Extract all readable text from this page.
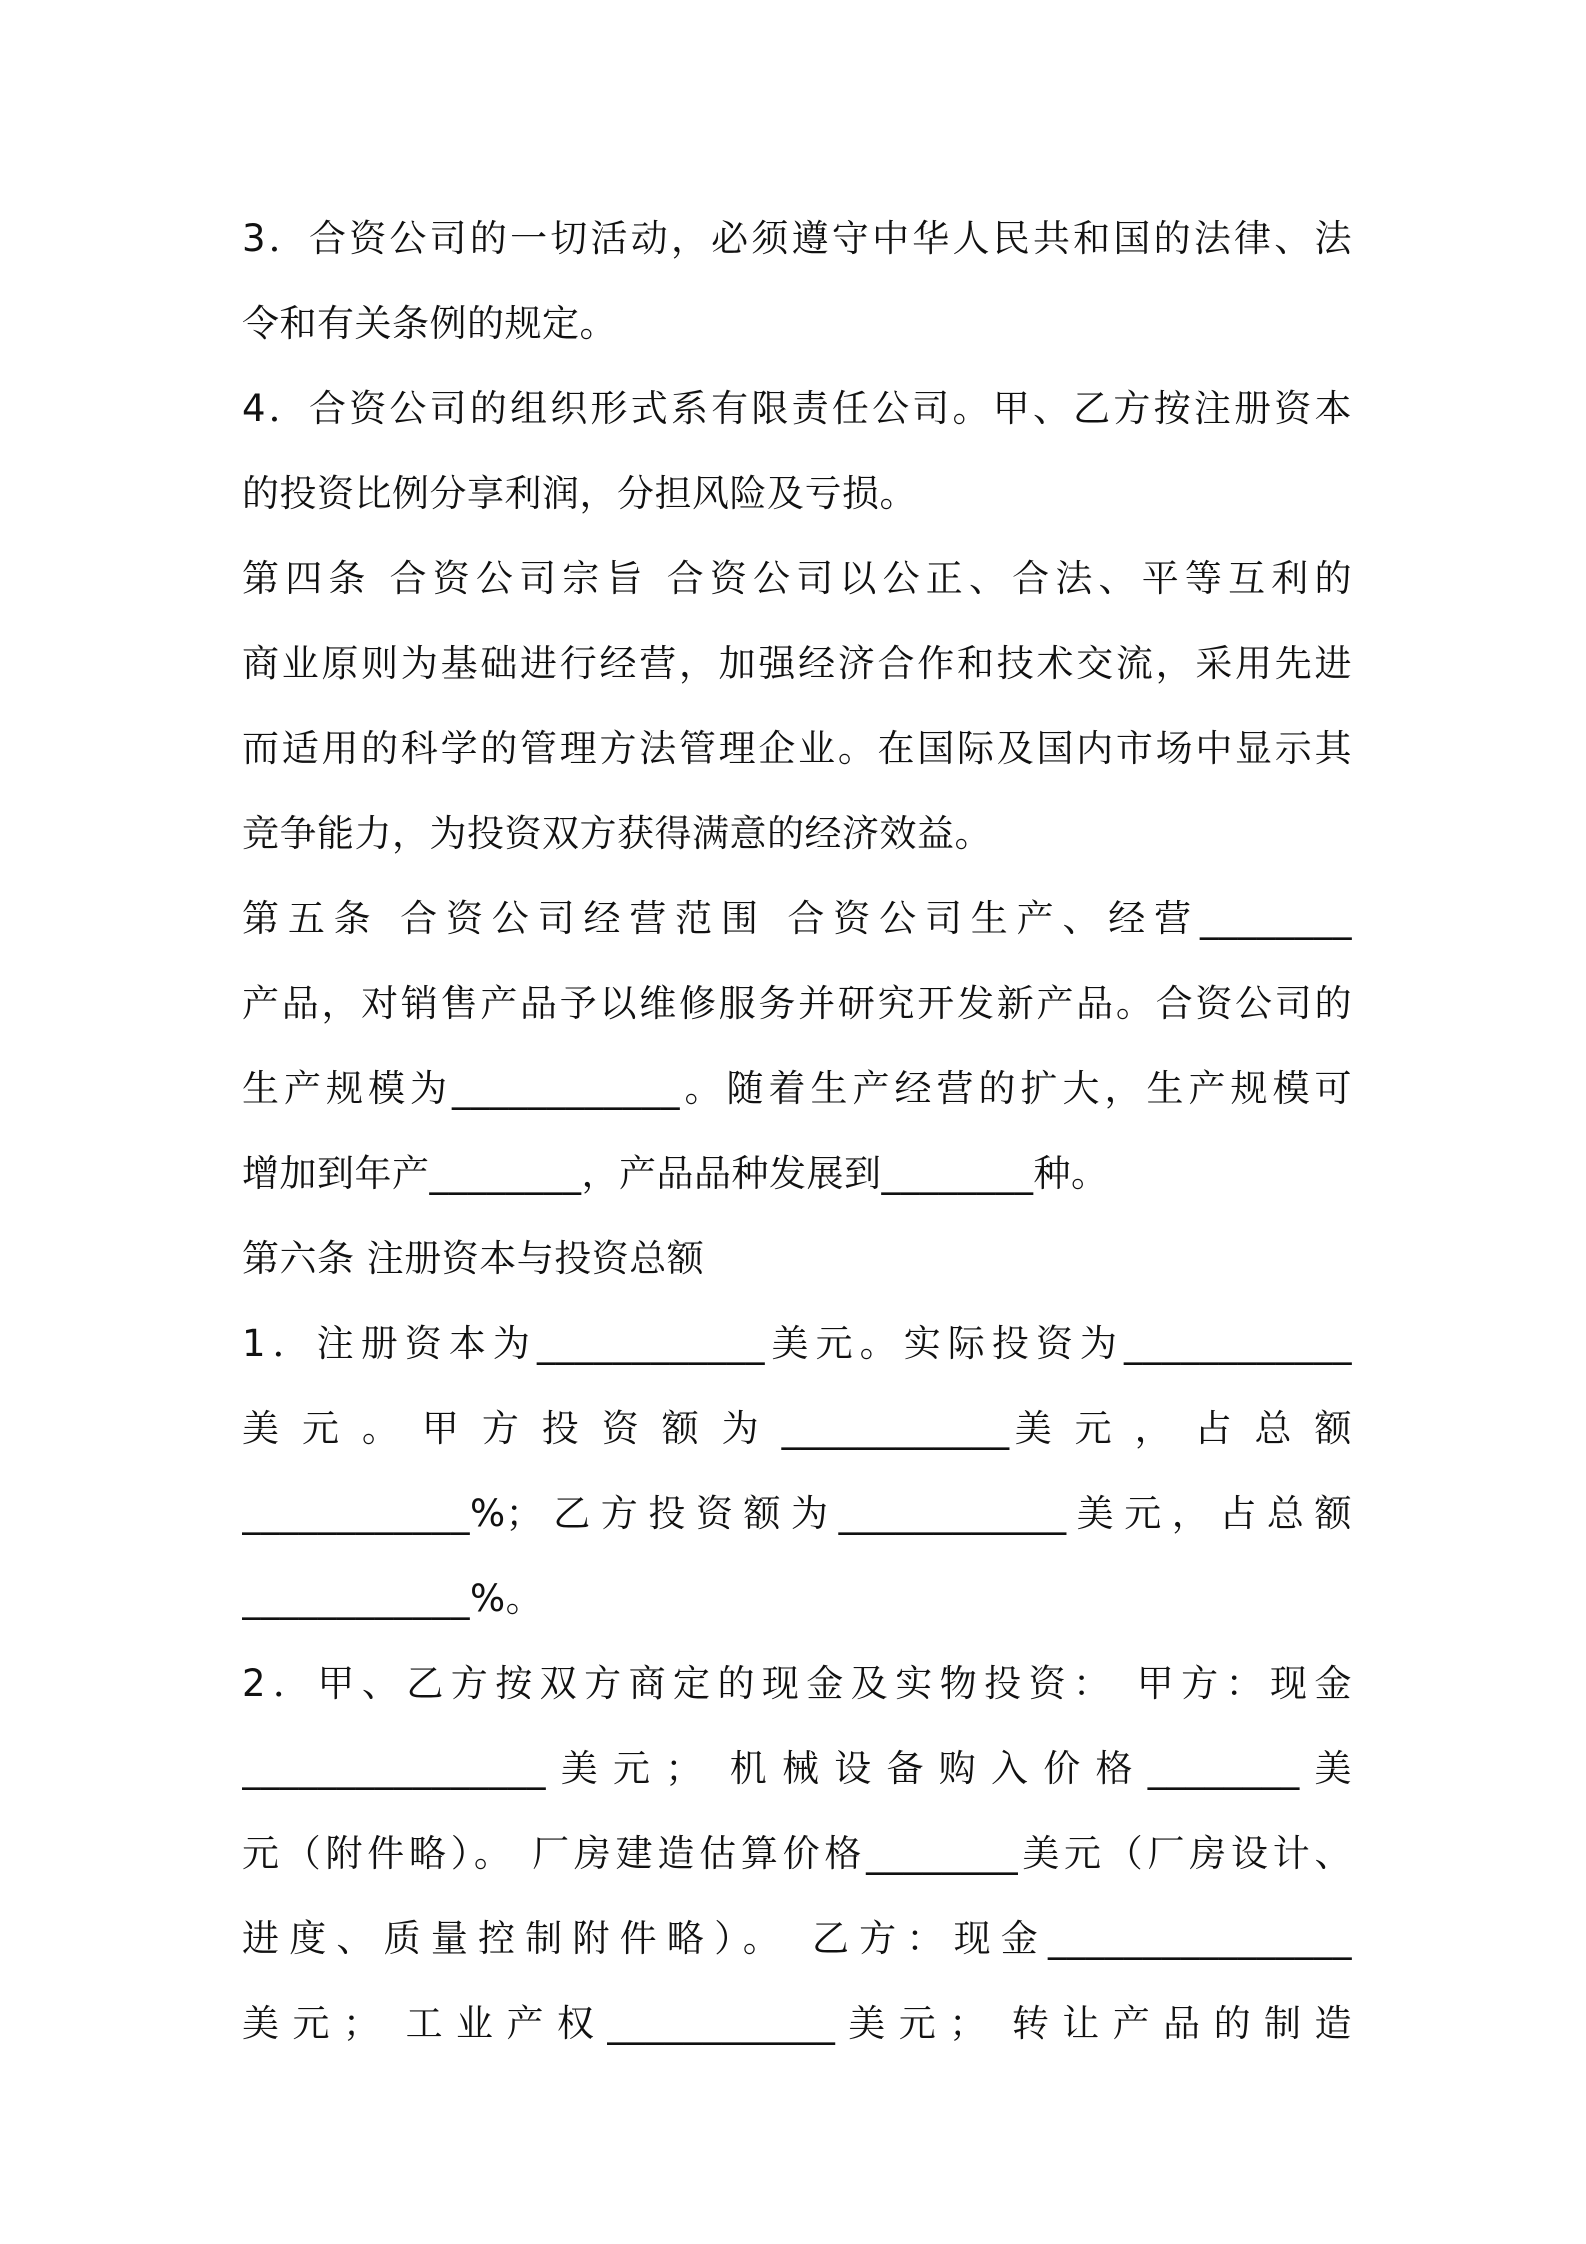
3．合资公司的一切活动，必须遵守中华人民共和国的法律、法
令和有关条例的规定。
4．合资公司的组织形式系有限责任公司。甲、乙方按注册资本
的投资比例分享利润，分担风险及亏损。
第四条 合资公司宗旨 合资公司以公正、合法、平等互利的
商业原则为基础进行经营，加强经济合作和技术交流，采用先进
而适用的科学的管理方法管理企业。在国际及国内市场中显示其
竞争能力，为投资双方获得满意的经济效益。
第五条 合资公司经营范围 合资公司生产、经营________
产品，对销售产品予以维修服务并研究开发新产品。合资公司的
生产规模为____________。随着生产经营的扩大，生产规模可
增加到年产________，产品品种发展到________种。
第六条 注册资本与投资总额
1．注册资本为____________美元。实际投资为____________
美 元 。 甲 方 投 资 额 为 ____________美 元 ， 占 总 额
____________%；乙方投资额为____________美元，占总额
____________%。
2．甲、乙方按双方商定的现金及实物投资： 甲方：现金
________________美元； 机械设备购入价格________美
元（附件略）。 厂房建造估算价格________美元（厂房设计、
进度、质量控制附件略）。 乙方：现金________________
美元； 工业产权____________美元； 转让产品的制造
